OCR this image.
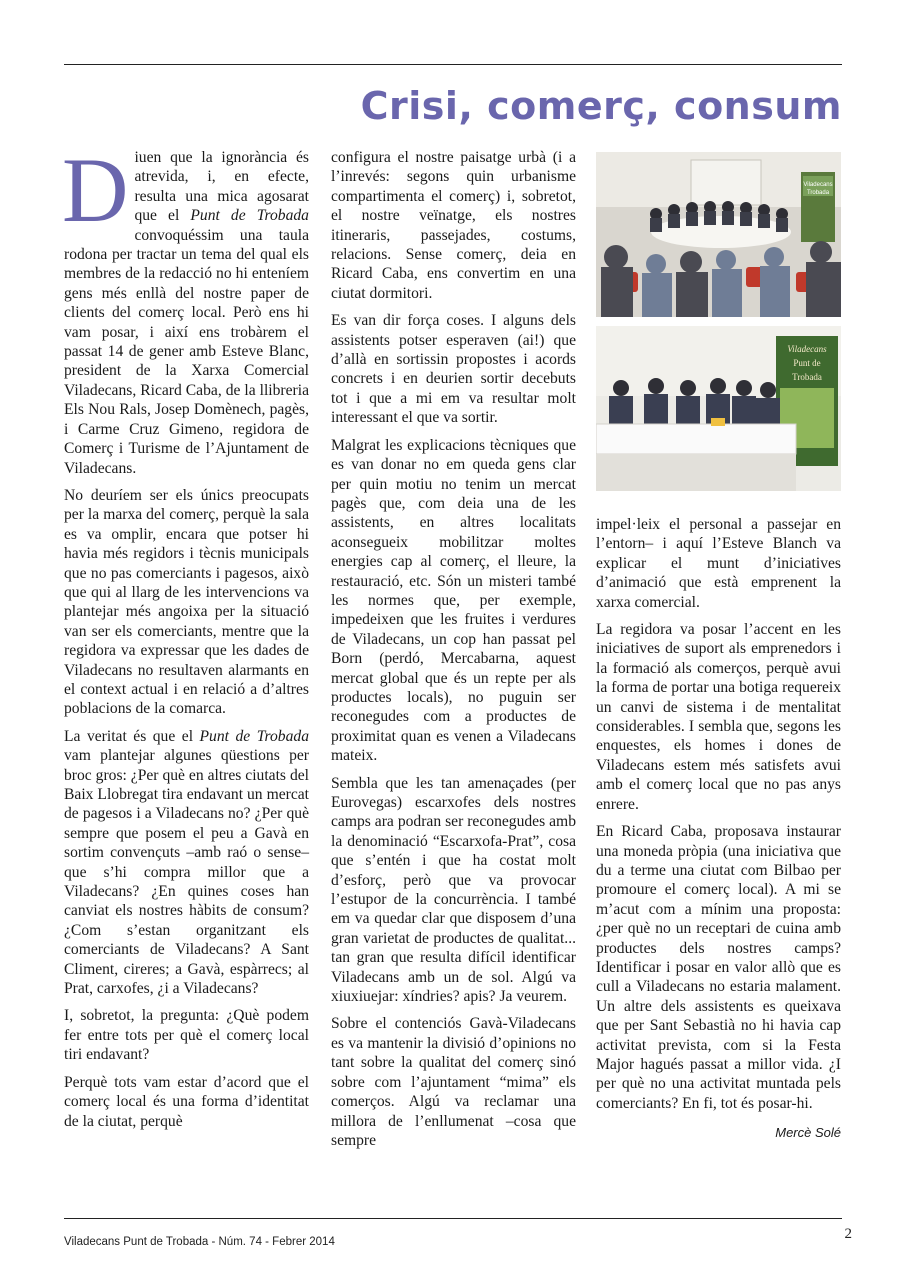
Crisi, comerç, consum

Diuen que la ignorància és atrevida, i, en efecte, resulta una mica agosarat que el Punt de Trobada convoquéssim una taula rodona per tractar un tema del qual els membres de la redacció no hi enteníem gens més enllà del nostre paper de clients del comerç local. Però ens hi vam posar, i així ens trobàrem el passat 14 de gener amb Esteve Blanc, president de la Xarxa Comercial Viladecans, Ricard Caba, de la llibreria Els Nou Rals, Josep Domènech, pagès, i Carme Cruz Gimeno, regidora de Comerç i Turisme de l’Ajuntament de Viladecans.

No deuríem ser els únics preocupats per la marxa del comerç, perquè la sala es va omplir, encara que potser hi havia més regidors i tècnis municipals que no pas comerciants i pagesos, això que qui al llarg de les intervencions va plantejar més angoixa per la situació van ser els comerciants, mentre que la regidora va expressar que les dades de Viladecans no resultaven alarmants en el context actual i en relació a d’altres poblacions de la comarca.

La veritat és que el Punt de Trobada vam plantejar algunes qüestions per broc gros: ¿Per què en altres ciutats del Baix Llobregat tira endavant un mercat de pagesos i a Viladecans no? ¿Per què sempre que posem el peu a Gavà en sortim convençuts –amb raó o sense– que s’hi compra millor que a Viladecans? ¿En quines coses han canviat els nostres hàbits de consum? ¿Com s’estan organitzant els comerciants de Viladecans? A Sant Climent, cireres; a Gavà, espàrrecs; al Prat, carxofes, ¿i a Viladecans?

I, sobretot, la pregunta: ¿Què podem fer entre tots per què el comerç local tiri endavant?

Perquè tots vam estar d’acord que el comerç local és una forma d’identitat de la ciutat, perquè

configura el nostre paisatge urbà (i a l’inrevés: segons quin urbanisme compartimenta el comerç) i, sobretot, el nostre veïnatge, els nostres itineraris, passejades, costums, relacions. Sense comerç, deia en Ricard Caba, ens convertim en una ciutat dormitori.

Es van dir força coses. I alguns dels assistents potser esperaven (ai!) que d’allà en sortissin propostes i acords concrets i en deurien sortir decebuts tot i que a mi em va resultar molt interessant el que va sortir.

Malgrat les explicacions tècniques que es van donar no em queda gens clar per quin motiu no tenim un mercat pagès que, com deia una de les assistents, en altres localitats aconsegueix mobilitzar moltes energies cap al comerç, el lleure, la restauració, etc. Són un misteri també les normes que, per exemple, impedeixen que les fruites i verdures de Viladecans, un cop han passat pel Born (perdó, Mercabarna, aquest mercat global que és un repte per als productes locals), no puguin ser reconegudes com a productes de proximitat quan es venen a Viladecans mateix.

Sembla que les tan amenaçades (per Eurovegas) escarxofes dels nostres camps ara podran ser reconegudes amb la denominació “Escarxofa-Prat”, cosa que s’entén i que ha costat molt d’esforç, però que va provocar l’estupor de la concurrència. I també em va quedar clar que disposem d’una gran varietat de productes de qualitat... tan gran que resulta difícil identificar Viladecans amb un de sol. Algú va xiuxiuejar: xíndries? apis? Ja veurem.

Sobre el contenciós Gavà-Viladecans es va mantenir la divisió d’opinions no tant sobre la qualitat del comerç sinó sobre com l’ajuntament “mima” els comerços. Algú va reclamar una millora de l’enllumenat –cosa que sempre

Viladecans
Trobada
Viladecans
Punt de
Trobada

impel·leix el personal a passejar en l’entorn– i aquí l’Esteve Blanch va explicar el munt d’iniciatives d’animació que està emprenent la xarxa comercial.

La regidora va posar l’accent en les iniciatives de suport als emprenedors i la formació als comerços, perquè avui la forma de portar una botiga requereix un canvi de sistema i de mentalitat considerables. I sembla que, segons les enquestes, els homes i dones de Viladecans estem més satisfets avui amb el comerç local que no pas anys enrere.

En Ricard Caba, proposava instaurar una moneda pròpia (una iniciativa que du a terme una ciutat com Bilbao per promoure el comerç local). A mi se m’acut com a mínim una proposta: ¿per què no un receptari de cuina amb productes dels nostres camps? Identificar i posar en valor allò que es cull a Viladecans no estaria malament. Un altre dels assistents es queixava que per Sant Sebastià no hi havia cap activitat prevista, com si la Festa Major hagués passat a millor vida. ¿I per què no una activitat muntada pels comerciants? En fi, tot és posar-hi.

Mercè Solé
Viladecans Punt de Trobada - Núm. 74 - Febrer 2014	2
